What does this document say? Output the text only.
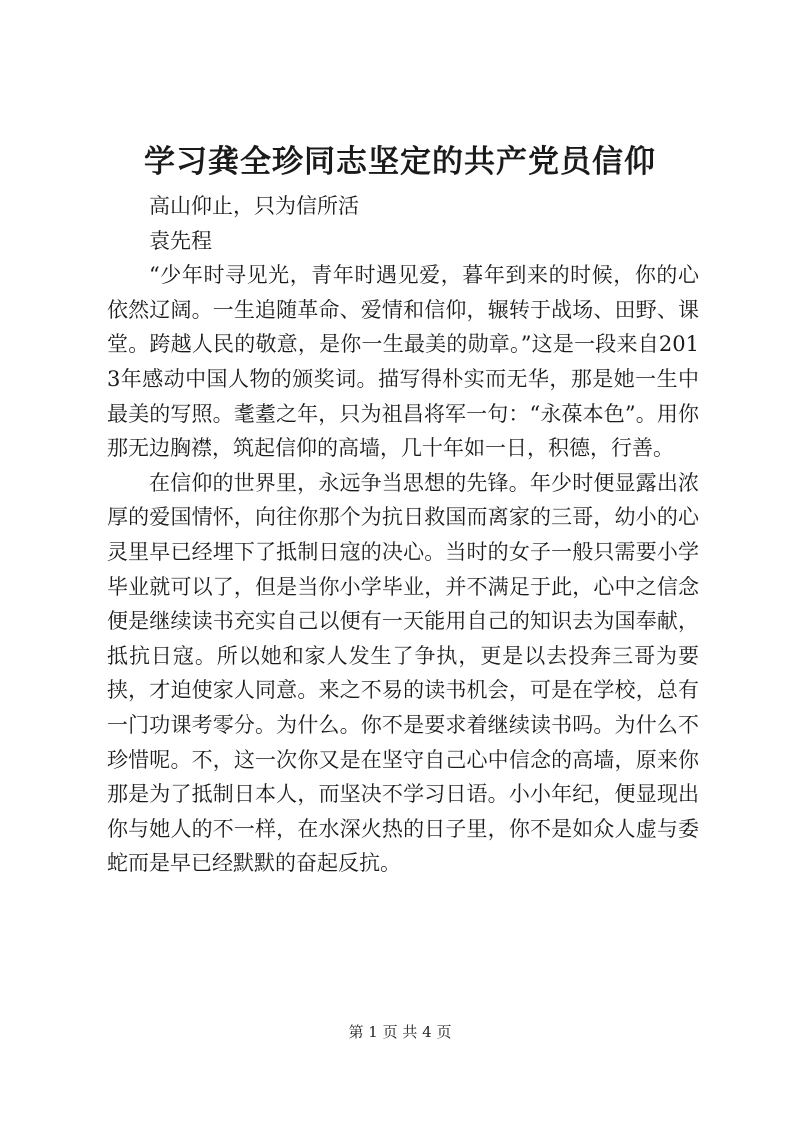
学习龚全珍同志坚定的共产党员信仰

高山仰止，只为信所活

袁先程

“少年时寻见光，青年时遇见爱，暮年到来的时候，你的心依然辽阔。一生追随革命、爱情和信仰，辗转于战场、田野、课堂。跨越人民的敬意，是你一生最美的勋章。”这是一段来自2013年感动中国人物的颁奖词。描写得朴实而无华，那是她一生中最美的写照。耄耋之年，只为祖昌将军一句：“永葆本色”。用你那无边胸襟，筑起信仰的高墙，几十年如一日，积德，行善。

在信仰的世界里，永远争当思想的先锋。年少时便显露出浓厚的爱国情怀，向往你那个为抗日救国而离家的三哥，幼小的心灵里早已经埋下了抵制日寇的决心。当时的女子一般只需要小学毕业就可以了，但是当你小学毕业，并不满足于此，心中之信念便是继续读书充实自己以便有一天能用自己的知识去为国奉献，抵抗日寇。所以她和家人发生了争执，更是以去投奔三哥为要挟，才迫使家人同意。来之不易的读书机会，可是在学校，总有一门功课考零分。为什么。你不是要求着继续读书吗。为什么不珍惜呢。不，这一次你又是在坚守自己心中信念的高墙，原来你那是为了抵制日本人，而坚决不学习日语。小小年纪，便显现出你与她人的不一样，在水深火热的日子里，你不是如众人虚与委蛇而是早已经默默的奋起反抗。

第 1 页 共 4 页
